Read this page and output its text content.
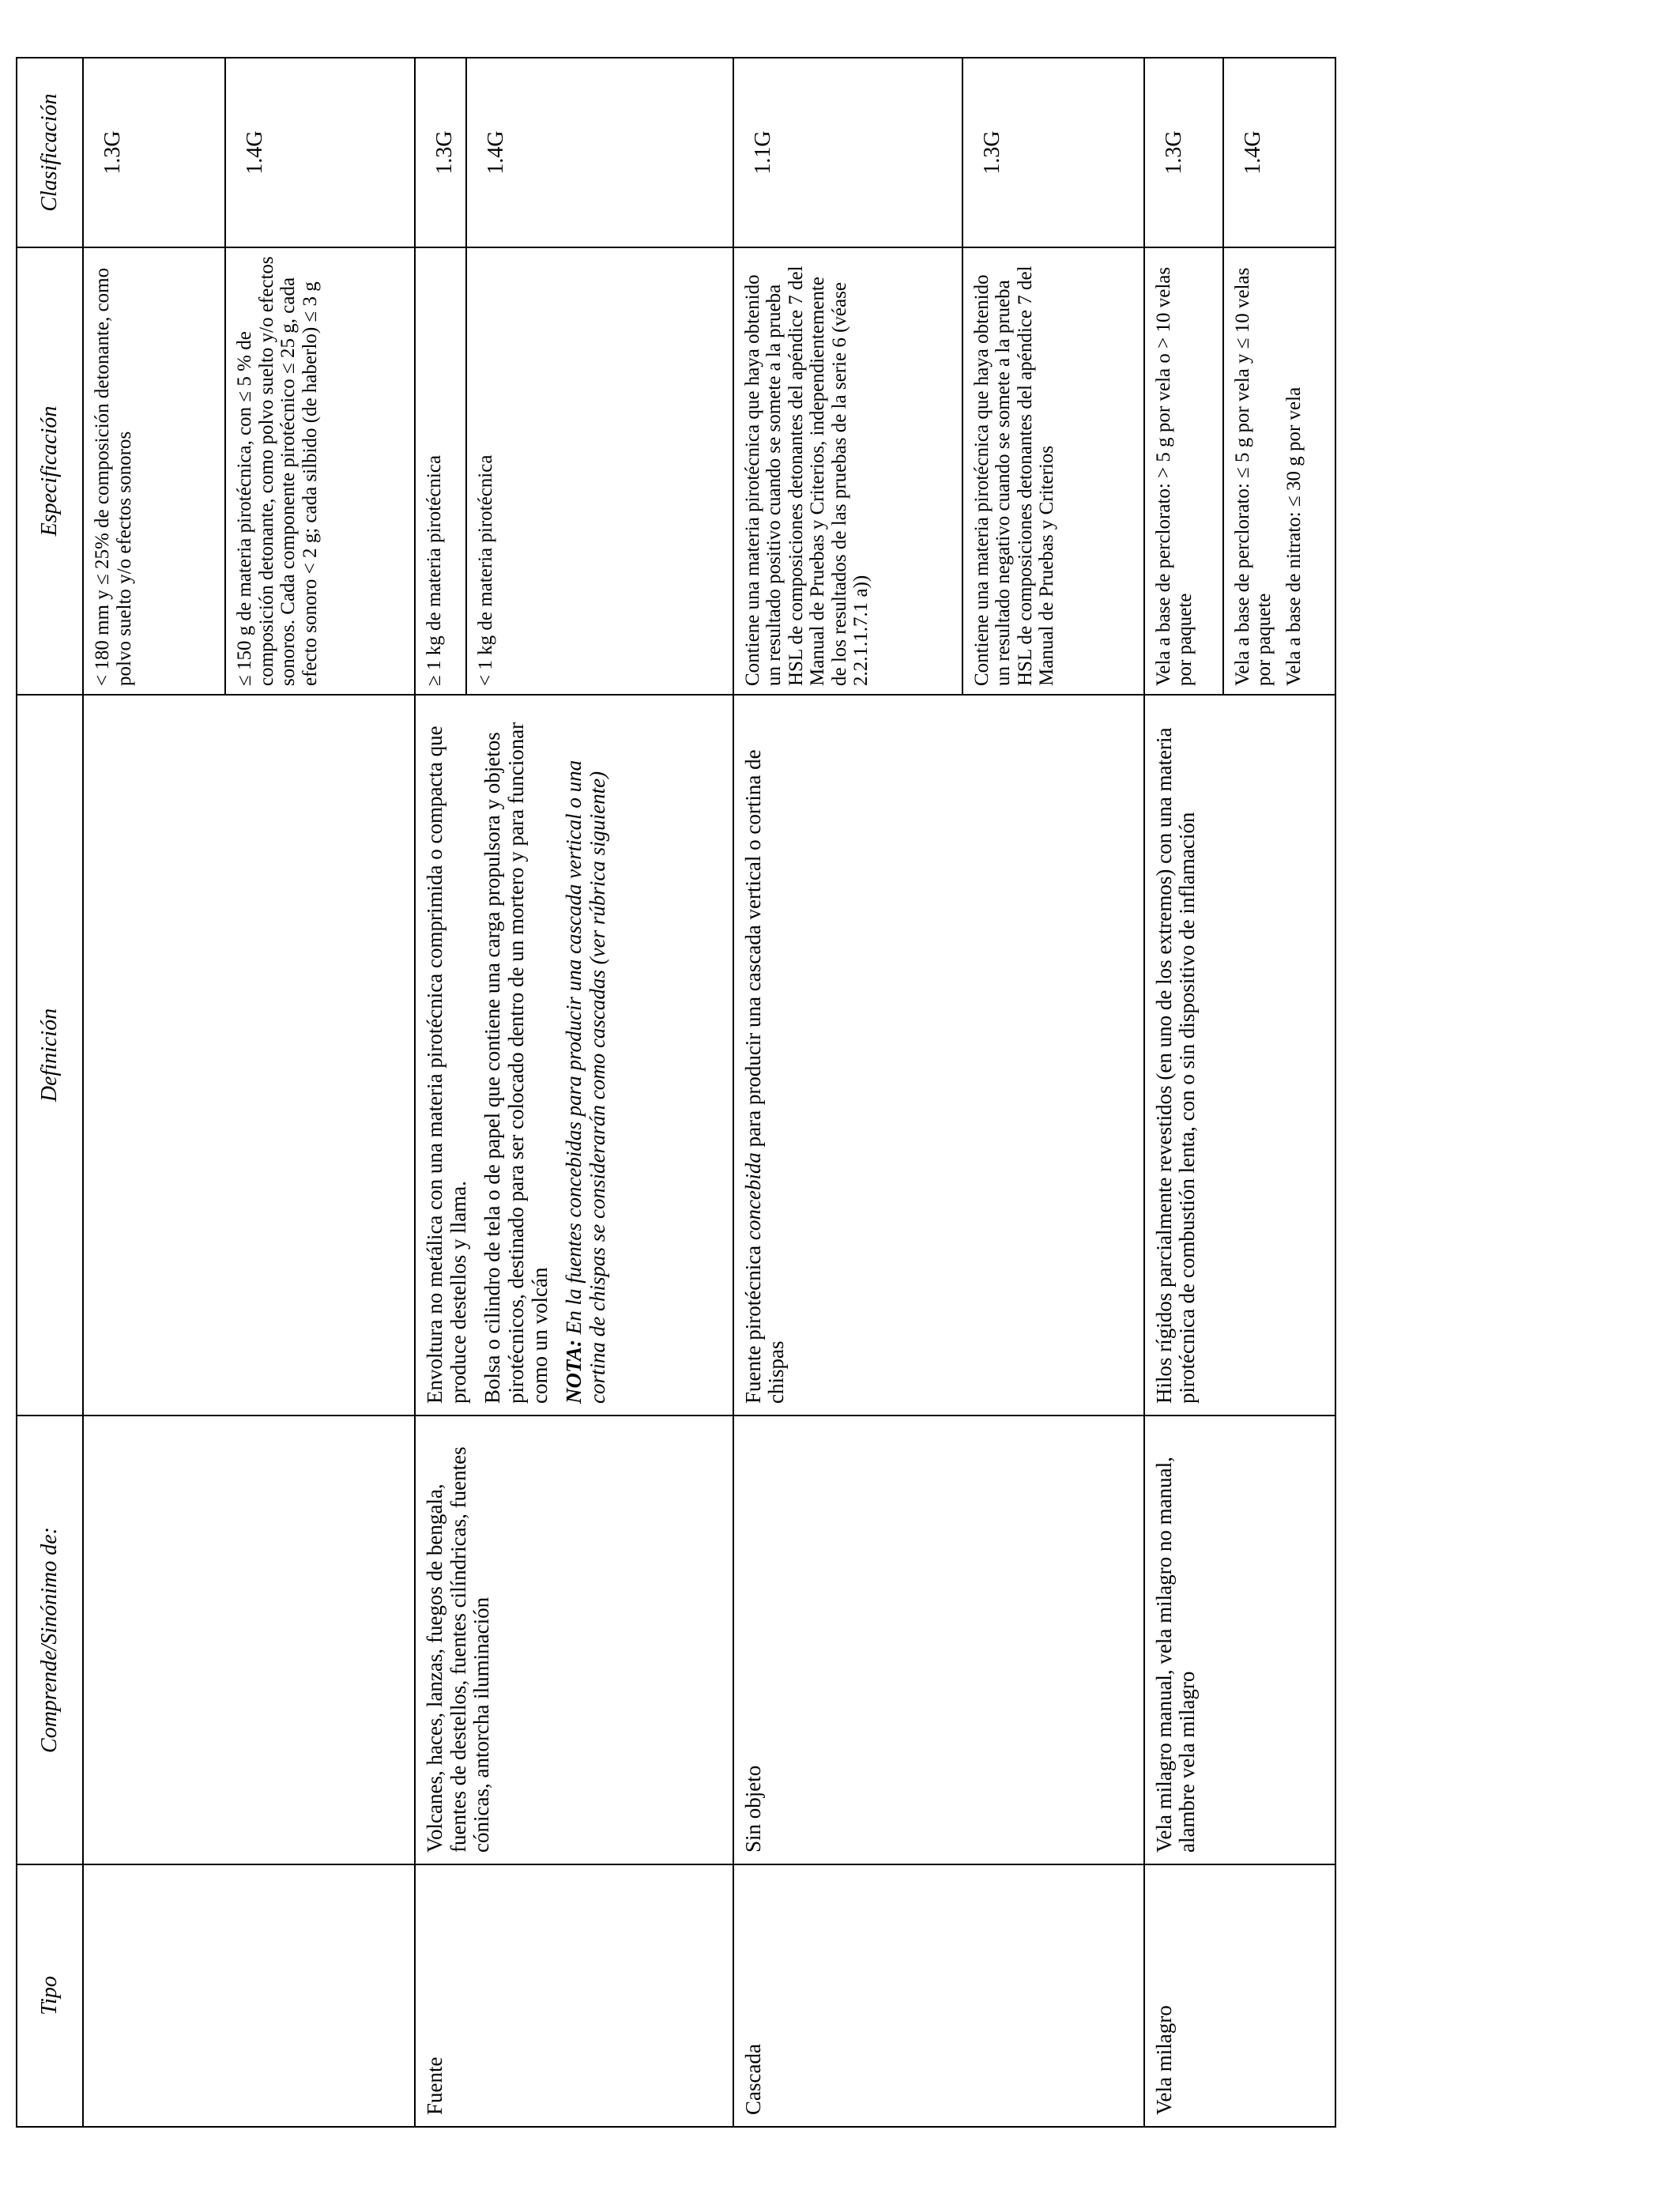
Tipo	Comprende/Sinónimo de:	Definición	Especificación	Clasificación
			< 180 mm y ≤ 25% de composición detonante, como polvo suelto y/o efectos sonoros	1.3G
			≤ 150 g de materia pirotécnica, con ≤ 5 % de composición detonante, como polvo suelto y/o efectos sonoros. Cada componente pirotécnico ≤ 25 g, cada efecto sonoro < 2 g; cada silbido (de haberlo) ≤ 3 g	1.4G
Fuente	Volcanes, haces, lanzas, fuegos de bengala, fuentes de destellos, fuentes cilíndricas, fuentes cónicas, antorcha iluminación	Envoltura no metálica con una materia pirotécnica comprimida o compacta que produce destellos y llama. Bolsa o cilindro de tela o de papel que contiene una carga propulsora y objetos pirotécnicos, destinado para ser colocado dentro de un mortero y para funcionar como un volcán NOTA: En la fuentes concebidas para producir una cascada vertical o una cortina de chispas se considerarán como cascadas (ver rúbrica siguiente)	≥ 1 kg de materia pirotécnica	1.3G
			< 1 kg de materia pirotécnica	1.4G
Cascada	Sin objeto	Fuente pirotécnica concebida para producir una cascada vertical o cortina de chispas	Contiene una materia pirotécnica que haya obtenido un resultado positivo cuando se somete a la prueba HSL de composiciones detonantes del apéndice 7 del Manual de Pruebas y Criterios, independientemente de los resultados de las pruebas de la serie 6 (véase 2.2.1.1.7.1 a))	1.1G
			Contiene una materia pirotécnica que haya obtenido un resultado negativo cuando se somete a la prueba HSL de composiciones detonantes del apéndice 7 del Manual de Pruebas y Criterios	1.3G
Vela milagro	Vela milagro manual, vela milagro no manual, alambre vela milagro	Hilos rígidos parcialmente revestidos (en uno de los extremos) con una materia pirotécnica de combustión lenta, con o sin dispositivo de inflamación	Vela a base de perclorato: > 5 g por vela o > 10 velas por paquete	1.3G

			Vela a base de perclorato: ≤ 5 g por vela y ≤ 10 velas por paquete Vela a base de nitrato: ≤ 30 g por vela	1.4G
